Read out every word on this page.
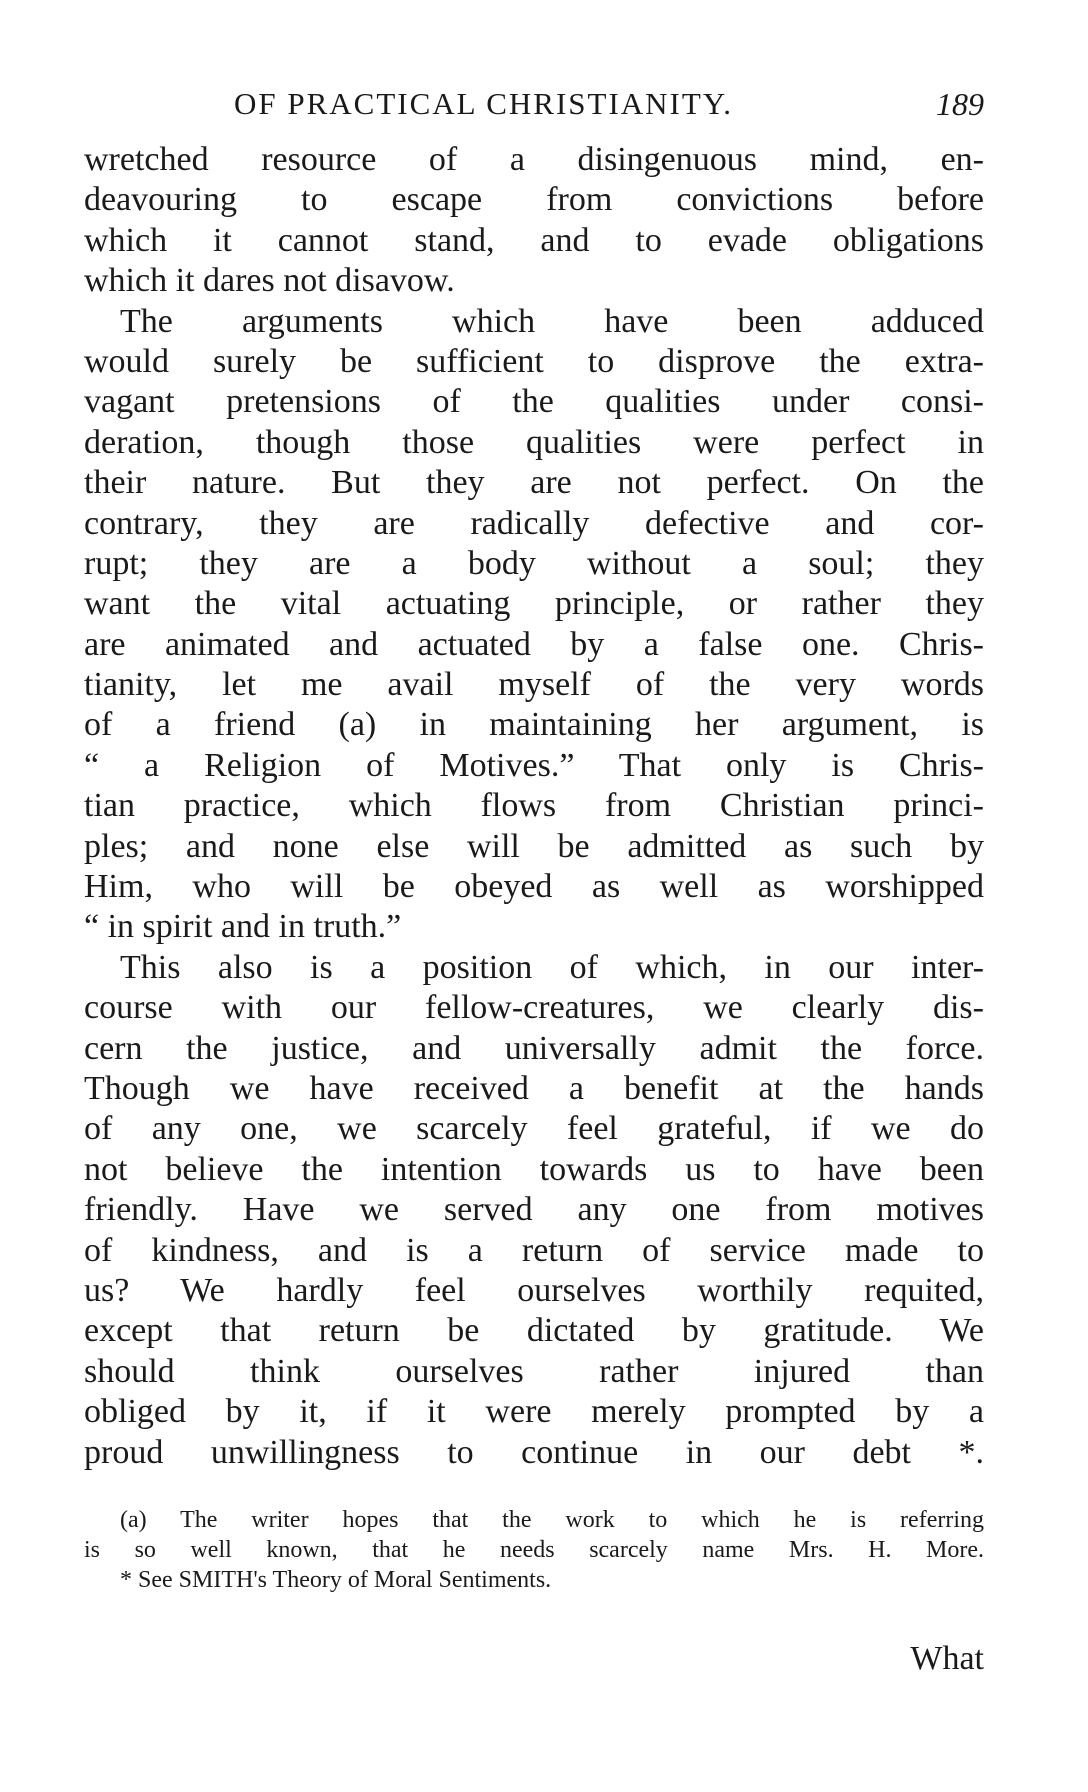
OF PRACTICAL CHRISTIANITY.	189
wretched resource of a disingenuous mind, en-
deavouring to escape from convictions before
which it cannot stand, and to evade obligations
which it dares not disavow.
The arguments which have been adduced
would surely be sufficient to disprove the extra-
vagant pretensions of the qualities under consi-
deration, though those qualities were perfect in
their nature. But they are not perfect. On the
contrary, they are radically defective and cor-
rupt; they are a body without a soul; they
want the vital actuating principle, or rather they
are animated and actuated by a false one. Chris-
tianity, let me avail myself of the very words
of a friend (a) in maintaining her argument, is
“ a Religion of Motives.” That only is Chris-
tian practice, which flows from Christian princi-
ples; and none else will be admitted as such by
Him, who will be obeyed as well as worshipped
“ in spirit and in truth.”
This also is a position of which, in our inter-
course with our fellow-creatures, we clearly dis-
cern the justice, and universally admit the force.
Though we have received a benefit at the hands
of any one, we scarcely feel grateful, if we do
not believe the intention towards us to have been
friendly. Have we served any one from motives
of kindness, and is a return of service made to
us? We hardly feel ourselves worthily requited,
except that return be dictated by gratitude. We
should think ourselves rather injured than
obliged by it, if it were merely prompted by a
proud unwillingness to continue in our debt *.
(a) The writer hopes that the work to which he is referring
is so well known, that he needs scarcely name Mrs. H. More.
* See SMITH's Theory of Moral Sentiments.
What
